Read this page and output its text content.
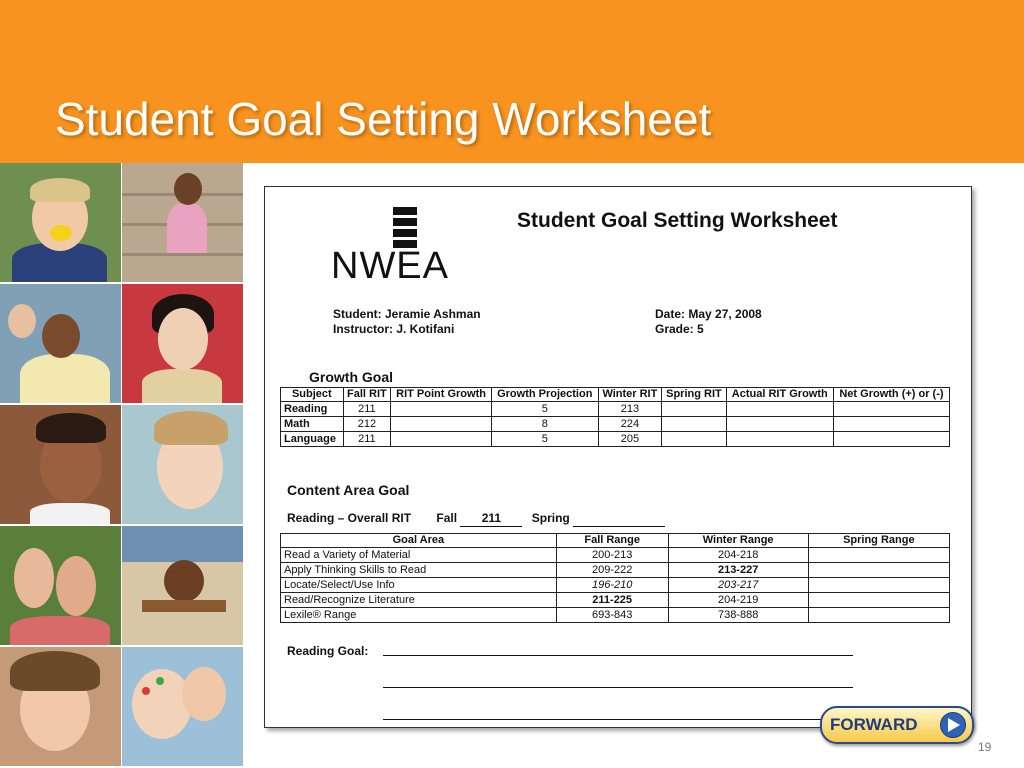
Student Goal Setting Worksheet
NWEA
Student Goal Setting Worksheet
Student: Jeramie Ashman
Instructor: J. Kotifani
Date: May 27, 2008
Grade: 5
Growth Goal
Subject	Fall RIT	RIT Point Growth	Growth Projection	Winter RIT	Spring RIT	Actual RIT Growth	Net Growth (+) or (-)
Reading	211		5	213			
Math	212		8	224			
Language	211		5	205			
Content Area Goal
Reading – Overall RIT Fall 211	Spring
Goal Area	Fall Range	Winter Range	Spring Range
Read a Variety of Material	200-213	204-218	
Apply Thinking Skills to Read	209-222	213-227	
Locate/Select/Use Info	196-210	203-217	
Read/Recognize Literature	211-225	204-219	
Lexile® Range	693-843	738-888	
Reading Goal:
FORWARD
19
